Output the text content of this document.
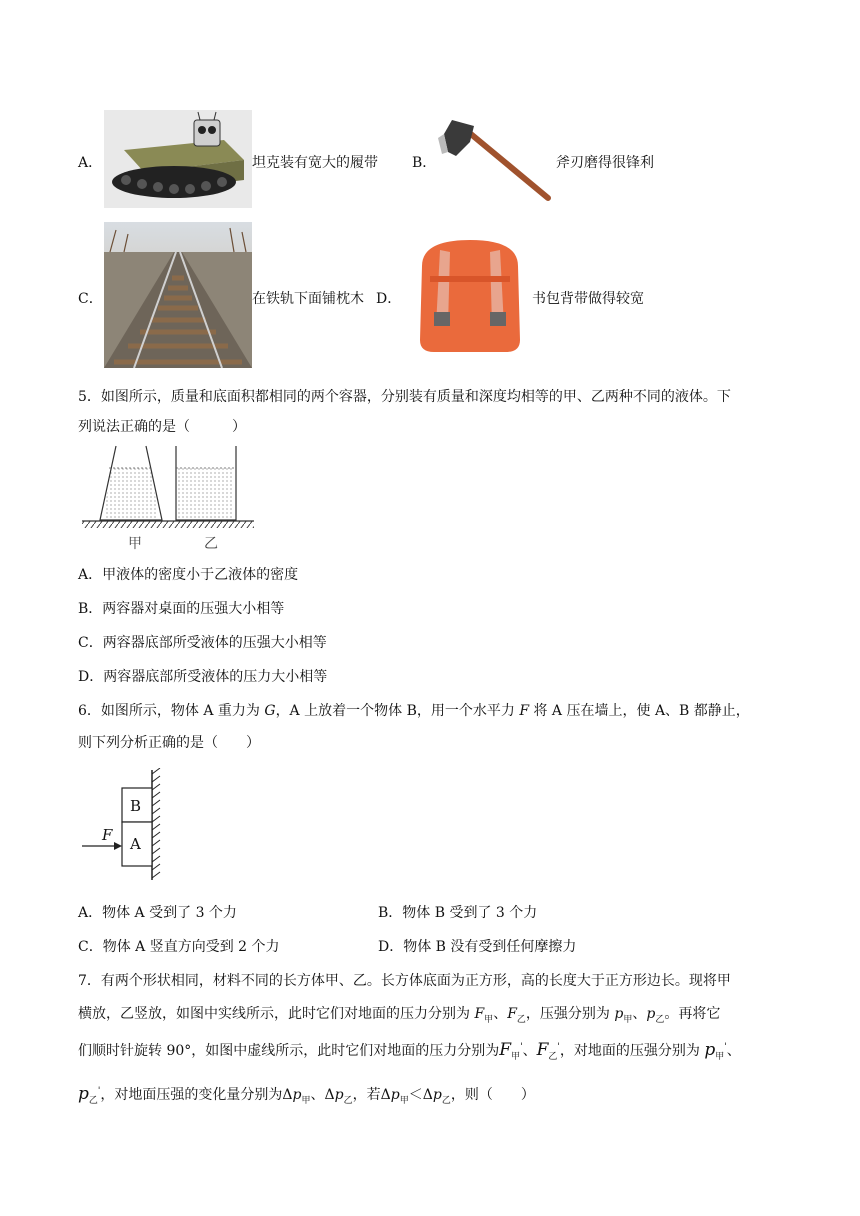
A．	坦克装有宽大的履带 B．	斧刃磨得很锋利
C．	在铁轨下面铺枕木 D．	书包背带做得较宽
5．如图所示，质量和底面积都相同的两个容器，分别装有质量和深度均相等的甲、乙两种不同的液体。下
列说法正确的是（　　　）
甲	乙
A．甲液体的密度小于乙液体的密度
B．两容器对桌面的压强大小相等
C．两容器底部所受液体的压强大小相等
D．两容器底部所受液体的压力大小相等
6．如图所示，物体 A 重力为 G，A 上放着一个物体 B，用一个水平力 F 将 A 压在墙上，使 A、B 都静止，
则下列分析正确的是（　　）
B
A
F
A．物体 A 受到了 3 个力	B．物体 B 受到了 3 个力
C．物体 A 竖直方向受到 2 个力	D．物体 B 没有受到任何摩擦力
7．有两个形状相同，材料不同的长方体甲、乙。长方体底面为正方形，高的长度大于正方形边长。现将甲
横放，乙竖放，如图中实线所示，此时它们对地面的压力分别为 $F_甲$、$F_乙$，压强分别为 $p_甲$、$p_乙$。再将它
们顺时针旋转 90°，如图中虚线所示，此时它们对地面的压力分别为$F_甲'$、$F_乙'$，对地面的压强分别为 $p_甲'$、
$p_乙'$，对地面压强的变化量分别为$\Delta p_甲$、$\Delta p_乙$，若$\Delta p_甲<\Delta p_乙$，则（　　）
